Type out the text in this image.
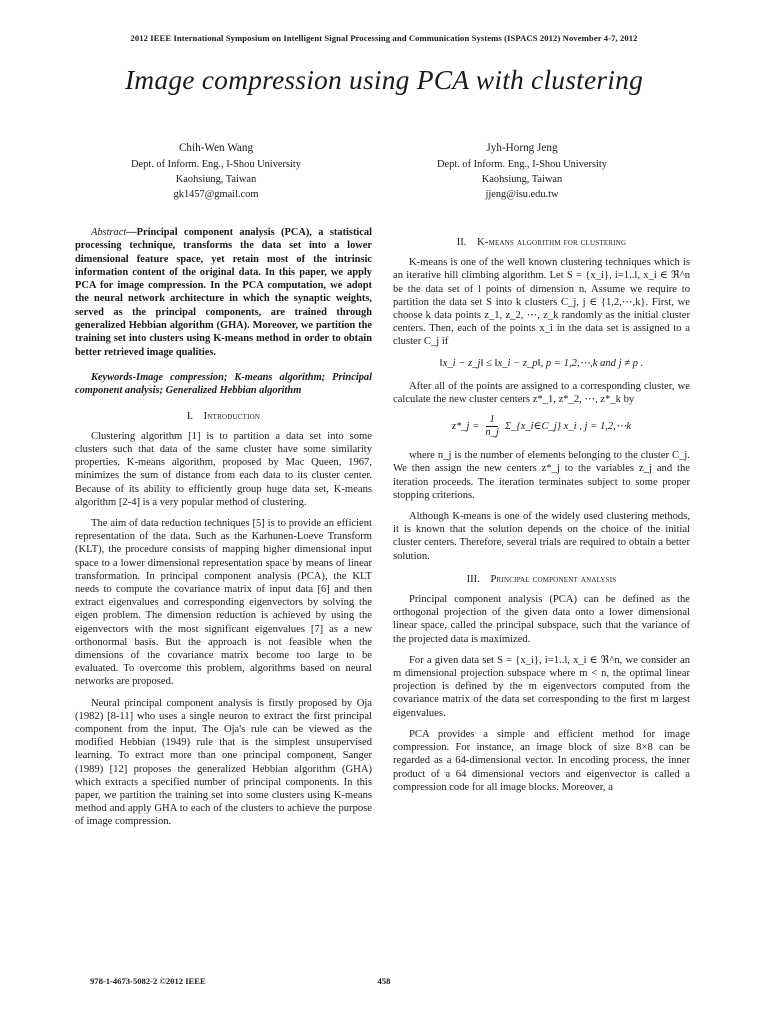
2012 IEEE International Symposium on Intelligent Signal Processing and Communication Systems (ISPACS 2012) November 4-7, 2012
Image compression using PCA with clustering
Chih-Wen Wang
Dept. of Inform. Eng., I-Shou University
Kaohsiung, Taiwan
gk1457@gmail.com
Jyh-Horng Jeng
Dept. of Inform. Eng., I-Shou University
Kaohsiung, Taiwan
jjeng@isu.edu.tw
Abstract—Principal component analysis (PCA), a statistical processing technique, transforms the data set into a lower dimensional feature space, yet retain most of the intrinsic information content of the original data. In this paper, we apply PCA for image compression. In the PCA computation, we adopt the neural network architecture in which the synaptic weights, served as the principal components, are trained through generalized Hebbian algorithm (GHA). Moreover, we partition the training set into clusters using K-means method in order to obtain better retrieved image qualities.
Keywords-Image compression; K-means algorithm; Principal component analysis; Generalized Hebbian algorithm
I. Introduction

Clustering algorithm [1] is to partition a data set into some clusters such that data of the same cluster have some similarity properties. K-means algorithm, proposed by Mac Queen, 1967, minimizes the sum of distance from each data to its cluster center. Because of its ability to efficiently group huge data set, K-means algorithm [2-4] is a very popular method of clustering.

The aim of data reduction techniques [5] is to provide an efficient representation of the data. Such as the Karhunen-Loeve Transform (KLT), the procedure consists of mapping higher dimensional input space to a lower dimensional representation space by means of linear transformation. In principal component analysis (PCA), the KLT needs to compute the covariance matrix of input data [6] and then extract eigenvalues and corresponding eigenvectors by solving the eigen problem. The dimension reduction is achieved by using the eigenvectors with the most significant eigenvalues [7] as a new orthonormal basis. But the approach is not feasible when the dimensions of the covariance matrix become too large to be evaluated. To overcome this problem, algorithms based on neural networks are proposed.

Neural principal component analysis is firstly proposed by Oja (1982) [8-11] who uses a single neuron to extract the first principal component from the input. The Oja's rule can be viewed as the modified Hebbian (1949) rule that is the simplest unsupervised learning. To extract more than one principal component, Sanger (1989) [12] proposes the generalized Hebbian algorithm (GHA) which extracts a specified number of principal components. In this paper, we partition the training set into some clusters using K-means method and apply GHA to each of the clusters to achieve the purpose of image compression.

II. K-means algorithm for clustering

K-means is one of the well known clustering techniques which is an iterative hill climbing algorithm. Let S = {x_i}, i=1..l, x_i ∈ ℜ^n be the data set of l points of dimension n. Assume we require to partition the data set S into k clusters C_j, j ∈ {1,2,⋯,k}. First, we choose k data points z_1, z_2, ⋯, z_k randomly as the initial cluster centers. Then, each of the points x_i in the data set is assigned to a cluster C_j if

‖x_i − z_j‖ ≤ ‖x_i − z_p‖, p = 1,2,⋯,k and j ≠ p .

After all of the points are assigned to a corresponding cluster, we calculate the new cluster centers z*_1, z*_2, ⋯, z*_k by

z*_j = $\frac{1}{n\_j}$ Σ_{x_i∈C_j} x_i , j = 1,2,⋯k

where n_j is the number of elements belonging to the cluster C_j. We then assign the new centers z*_j to the variables z_j and the iteration proceeds. The iteration terminates subject to some proper stopping criterions.

Although K-means is one of the widely used clustering methods, it is known that the solution depends on the choice of the initial cluster centers. Therefore, several trials are required to obtain a better solution.

III. Principal component analysis

Principal component analysis (PCA) can be defined as the orthogonal projection of the given data onto a lower dimensional linear space, called the principal subspace, such that the variance of the projected data is maximized.

For a given data set S = {x_i}, i=1..l, x_i ∈ ℜ^n, we consider an m dimensional projection subspace where m < n, the optimal linear projection is defined by the m eigenvectors computed from the covariance matrix of the data set corresponding to the first m largest eigenvalues.

PCA provides a simple and efficient method for image compression. For instance, an image block of size 8×8 can be regarded as a 64-dimensional vector. In encoding process, the inner product of a 64 dimensional vectors and eigenvector is called a compression code for all image blocks. Moreover, a

978-1-4673-5082-2 ©2012 IEEE	458
